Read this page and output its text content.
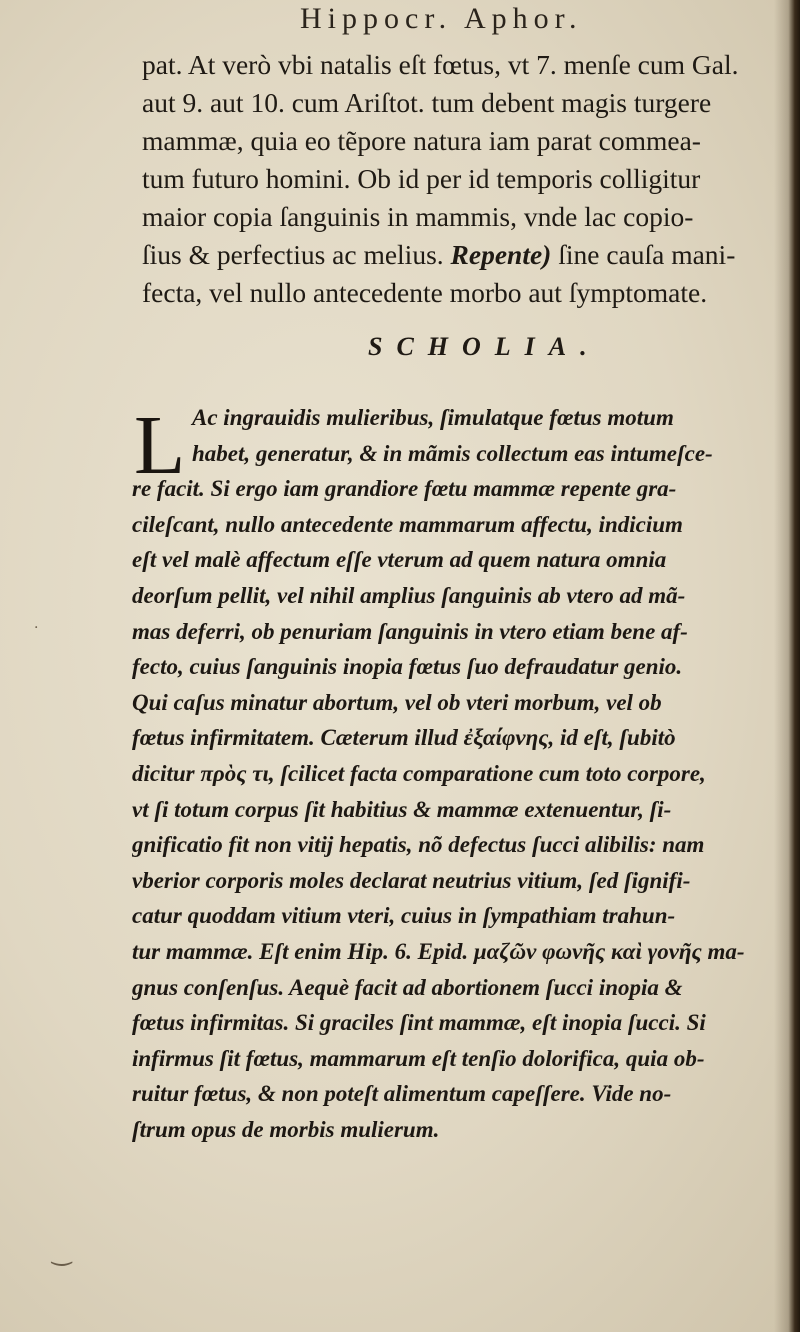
Hippocr. Aphor.
pat. At verò vbi natalis eſt fœtus, vt 7. menſe cum Gal.
aut 9. aut 10. cum Ariſtot. tum debent magis turgere
mammæ, quia eo tẽpore natura iam parat commea-
tum futuro homini. Ob id per id temporis colligitur
maior copia ſanguinis in mammis, vnde lac copio-
ſius & perfectius ac melius. Repente) ſine cauſa mani-
fecta, vel nullo antecedente morbo aut ſymptomate.
SCHOLIA.
L Ac ingrauidis mulieribus, ſimulatque fœtus motum
habet, generatur, & in mãmis collectum eas intumeſce-
re facit. Si ergo iam grandiore fœtu mammæ repente gra-
cileſcant, nullo antecedente mammarum affectu, indicium
eſt vel malè affectum eſſe vterum ad quem natura omnia
deorſum pellit, vel nihil amplius ſanguinis ab vtero ad mã-
mas deferri, ob penuriam ſanguinis in vtero etiam bene af-
fecto, cuius ſanguinis inopia fœtus ſuo defraudatur genio.
Qui caſus minatur abortum, vel ob vteri morbum, vel ob
fœtus infirmitatem. Cæterum illud ἐξαίφνης, id eſt, ſubitò
dicitur πρὸς τι, ſcilicet facta comparatione cum toto corpore,
vt ſi totum corpus ſit habitius & mammæ extenuentur, ſi-
gnificatio fit non vitij hepatis, nõ defectus ſucci alibilis: nam
vberior corporis moles declarat neutrius vitium, ſed ſignifi-
catur quoddam vitium vteri, cuius in ſympathiam trahun-
tur mammæ. Eſt enim Hip. 6. Epid. μαζῶν φωνῆς καὶ γονῆς ma-
gnus conſenſus. Aequè facit ad abortionem ſucci inopia &
fœtus infirmitas. Si graciles ſint mammæ, eſt inopia ſucci. Si
infirmus ſit fœtus, mammarum eſt tenſio dolorifica, quia ob-
ruitur fœtus, & non poteſt alimentum capeſſere. Vide no-
ſtrum opus de morbis mulierum.
‿
·
